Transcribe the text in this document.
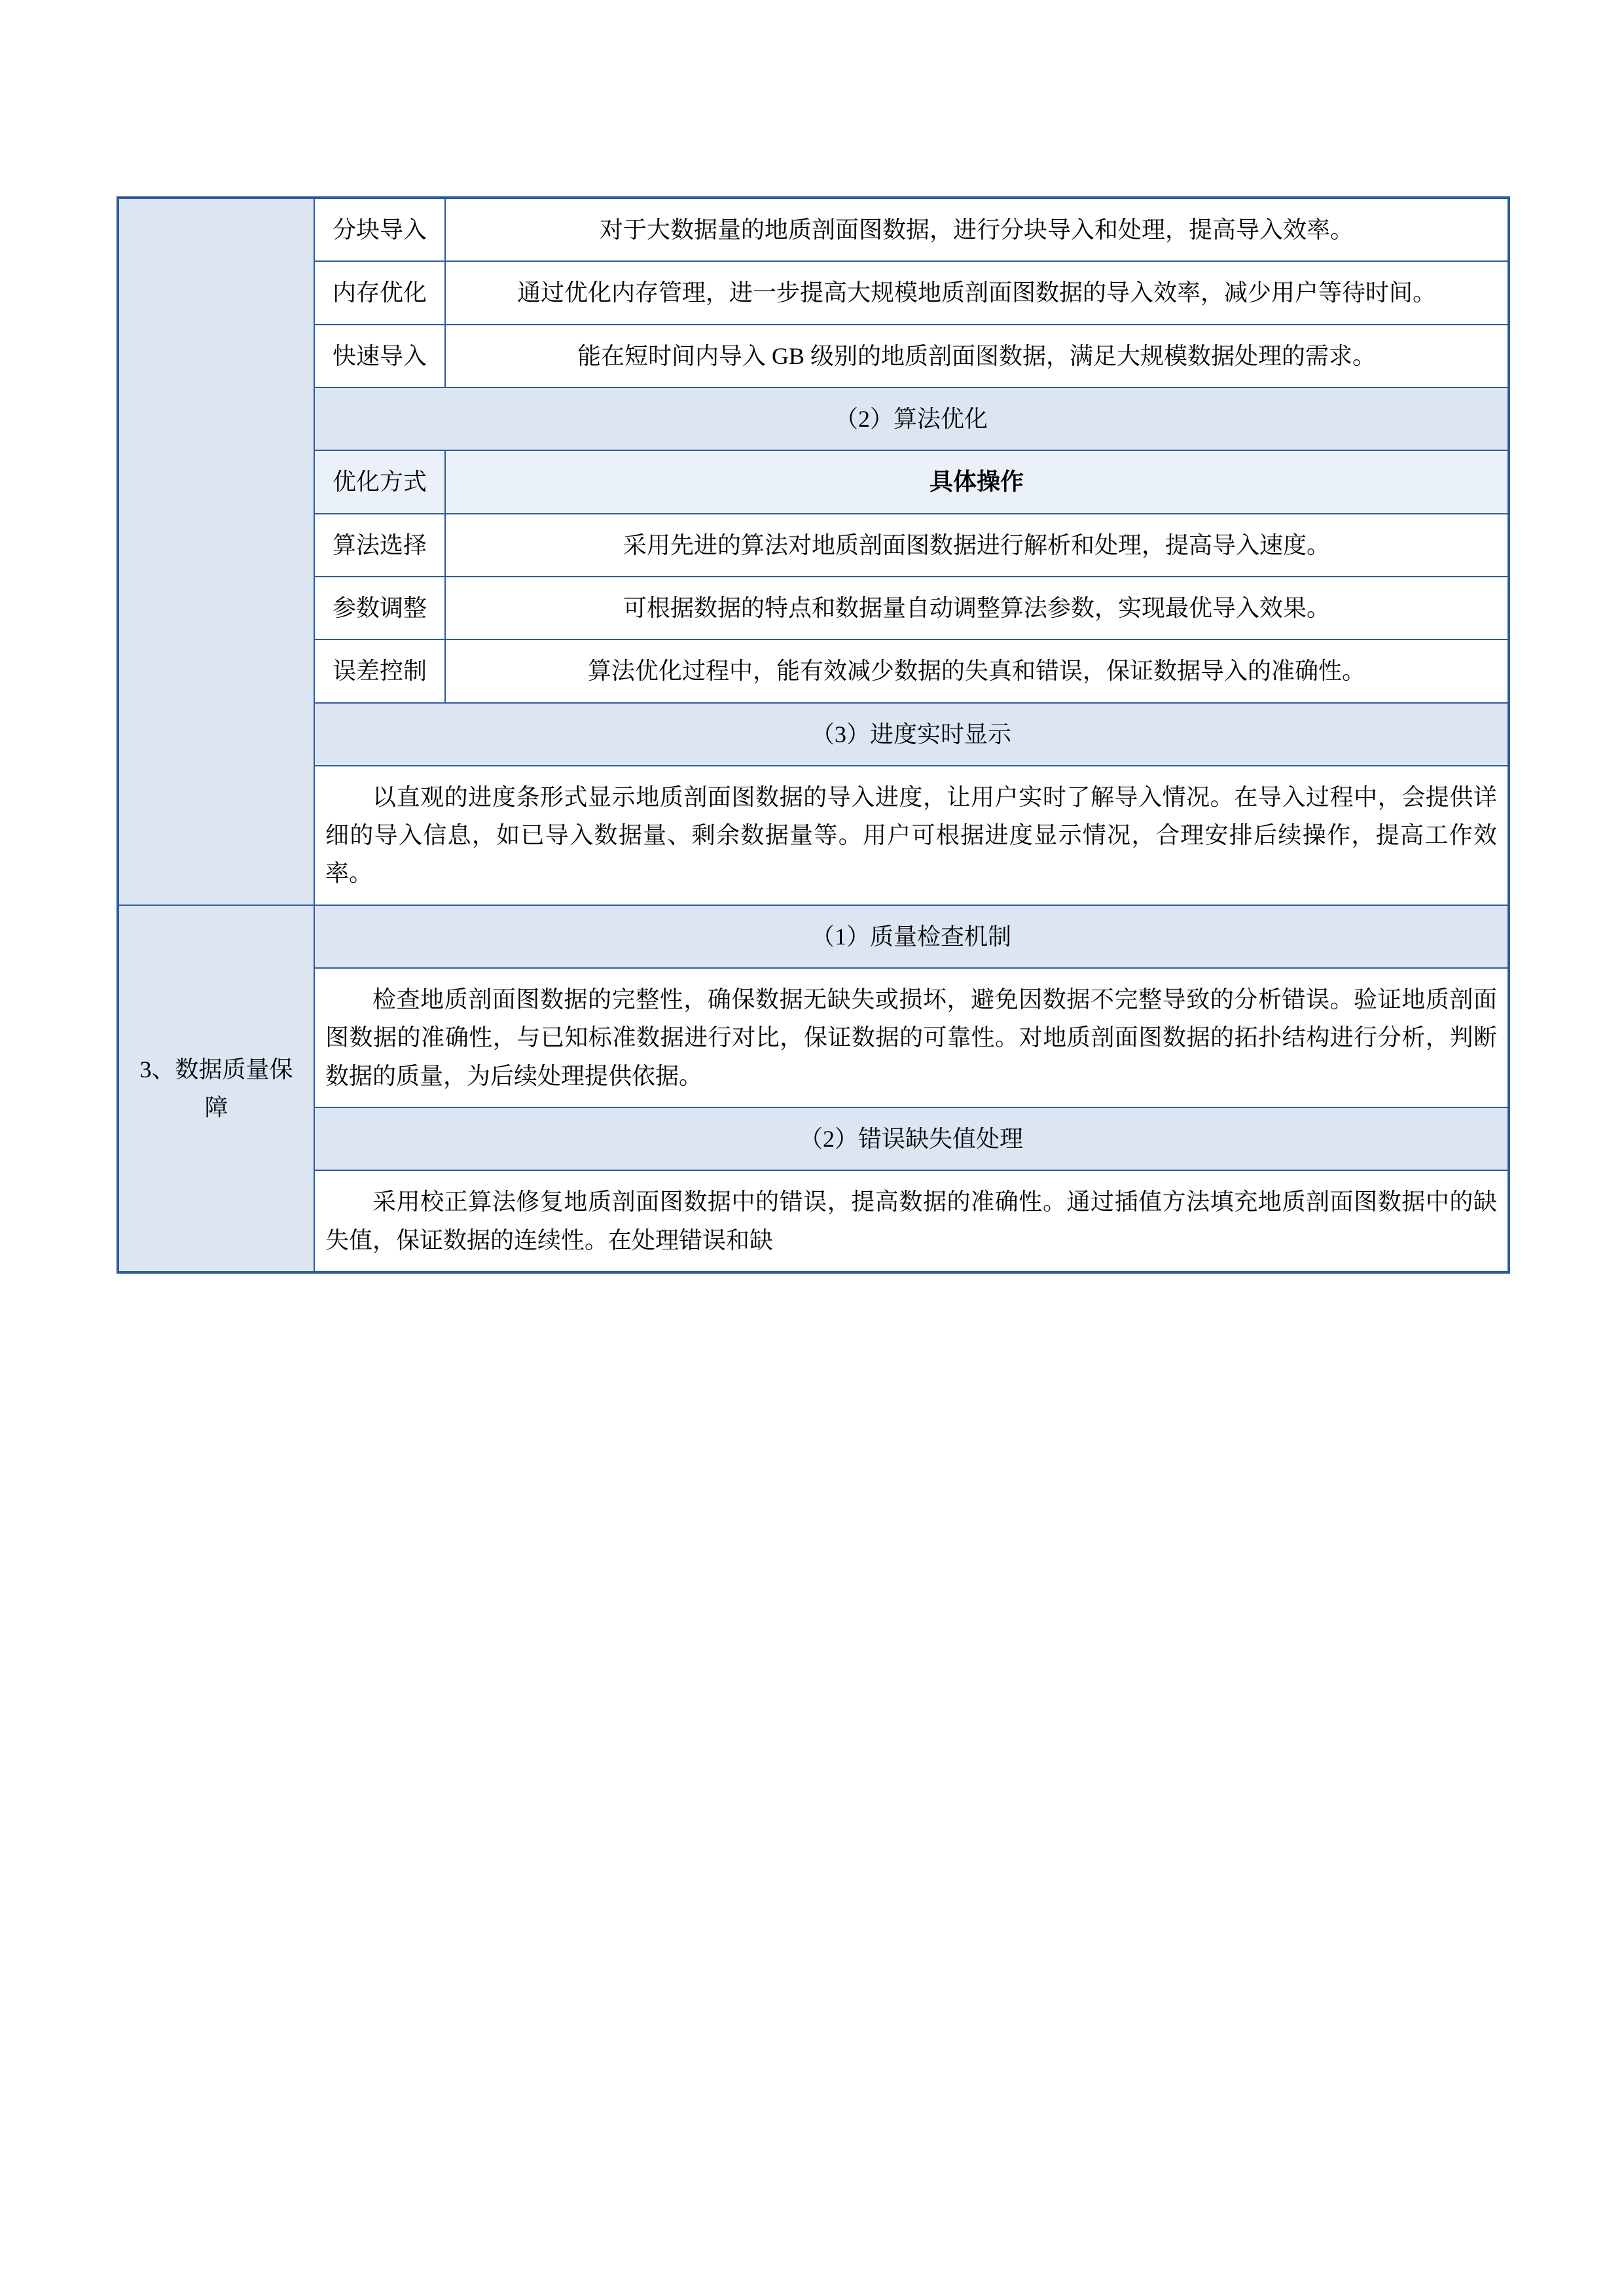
	分块导入	对于大数据量的地质剖面图数据，进行分块导入和处理，提高导入效率。
	内存优化	通过优化内存管理，进一步提高大规模地质剖面图数据的导入效率，减少用户等待时间。
	快速导入	能在短时间内导入 GB 级别的地质剖面图数据，满足大规模数据处理的需求。
	（2）算法优化	
	优化方式	具体操作
	算法选择	采用先进的算法对地质剖面图数据进行解析和处理，提高导入速度。
	参数调整	可根据数据的特点和数据量自动调整算法参数，实现最优导入效果。
	误差控制	算法优化过程中，能有效减少数据的失真和错误，保证数据导入的准确性。
	（3）进度实时显示	

	以直观的进度条形式显示地质剖面图数据的导入进度，让用户实时了解导入情况。在导入过程中，会提供详细的导入信息，如已导入数据量、剩余数据量等。用户可根据进度显示情况，合理安排后续操作，提高工作效率。	

3、数据质量保障	（1）质量检查机制	

	检查地质剖面图数据的完整性，确保数据无缺失或损坏，避免因数据不完整导致的分析错误。验证地质剖面图数据的准确性，与已知标准数据进行对比，保证数据的可靠性。对地质剖面图数据的拓扑结构进行分析，判断数据的质量，为后续处理提供依据。	

	（2）错误缺失值处理	

	采用校正算法修复地质剖面图数据中的错误，提高数据的准确性。通过插值方法填充地质剖面图数据中的缺失值，保证数据的连续性。在处理错误和缺	
